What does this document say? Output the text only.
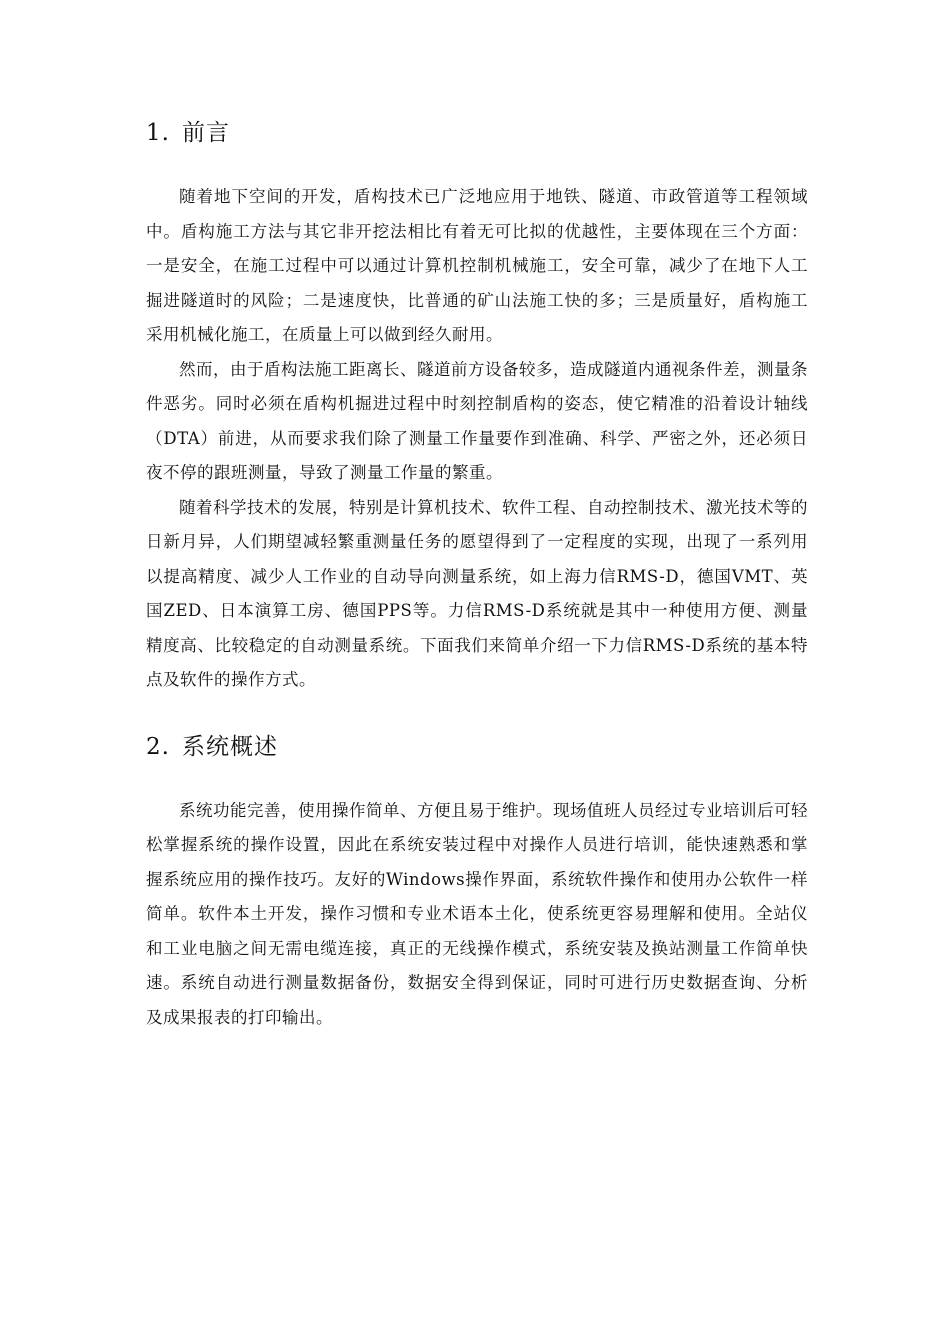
1. 前言

随着地下空间的开发，盾构技术已广泛地应用于地铁、隧道、市政管道等工程领域中。盾构施工方法与其它非开挖法相比有着无可比拟的优越性，主要体现在三个方面：一是安全，在施工过程中可以通过计算机控制机械施工，安全可靠，减少了在地下人工掘进隧道时的风险；二是速度快，比普通的矿山法施工快的多；三是质量好，盾构施工采用机械化施工，在质量上可以做到经久耐用。

然而，由于盾构法施工距离长、隧道前方设备较多，造成隧道内通视条件差，测量条件恶劣。同时必须在盾构机掘进过程中时刻控制盾构的姿态，使它精准的沿着设计轴线（DTA）前进，从而要求我们除了测量工作量要作到准确、科学、严密之外，还必须日夜不停的跟班测量，导致了测量工作量的繁重。

随着科学技术的发展，特别是计算机技术、软件工程、自动控制技术、激光技术等的日新月异，人们期望减轻繁重测量任务的愿望得到了一定程度的实现，出现了一系列用以提高精度、减少人工作业的自动导向测量系统，如上海力信RMS-D，德国VMT、英国ZED、日本演算工房、德国PPS等。力信RMS-D系统就是其中一种使用方便、测量精度高、比较稳定的自动测量系统。下面我们来简单介绍一下力信RMS-D系统的基本特点及软件的操作方式。

2. 系统概述

系统功能完善，使用操作简单、方便且易于维护。现场值班人员经过专业培训后可轻松掌握系统的操作设置，因此在系统安装过程中对操作人员进行培训，能快速熟悉和掌握系统应用的操作技巧。友好的Windows操作界面，系统软件操作和使用办公软件一样简单。软件本土开发，操作习惯和专业术语本土化，使系统更容易理解和使用。全站仪和工业电脑之间无需电缆连接，真正的无线操作模式，系统安装及换站测量工作简单快速。系统自动进行测量数据备份，数据安全得到保证，同时可进行历史数据查询、分析及成果报表的打印输出。
